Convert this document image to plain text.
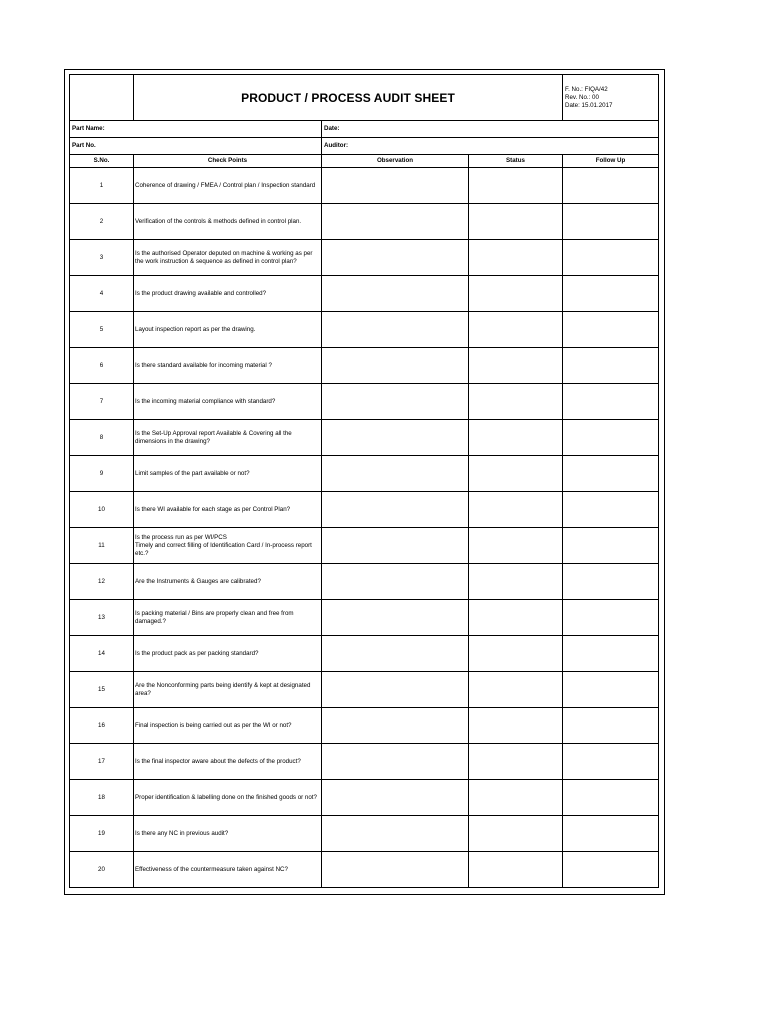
	PRODUCT / PROCESS AUDIT SHEET			F. No.: FIQA/42
Rev. No.: 00
Date: 15.01.2017

Part Name:		Date:		
Part No.		Auditor:		
S.No.	Check Points	Observation	Status	Follow Up
1	Coherence of drawing / FMEA / Control plan / Inspection standard			
2	Verification of the controls & methods defined in control plan.			
3	Is the authorised Operator deputed on machine & working as per the work instruction & sequence as defined in control plan?			
4	Is the product drawing available and controlled?			
5	Layout inspection report as per the drawing.			
6	Is there standard available for incoming material ?			
7	Is the incoming material compliance with standard?			
8	Is the Set-Up Approval report Available & Covering all the dimensions in the drawing?			
9	Limit samples of the part available or not?			
10	Is there WI available for each stage as per Control Plan?			
11	Is the process run as per WI/PCS
Timely and correct filling of Identification Card / In-process report etc.?			
12	Are the Instruments & Gauges are calibrated?			
13	Is packing material / Bins are properly clean and free from damaged.?			
14	Is the product pack as per packing standard?			
15	Are the Nonconforming parts being identify & kept at designated area?			
16	Final inspection is being carried out as per the WI or not?			
17	Is the final inspector aware about the defects of the product?			
18	Proper identification & labelling done on the finished goods or not?			
19	Is there any NC in previous audit?			
20	Effectiveness of the countermeasure taken against NC?			
